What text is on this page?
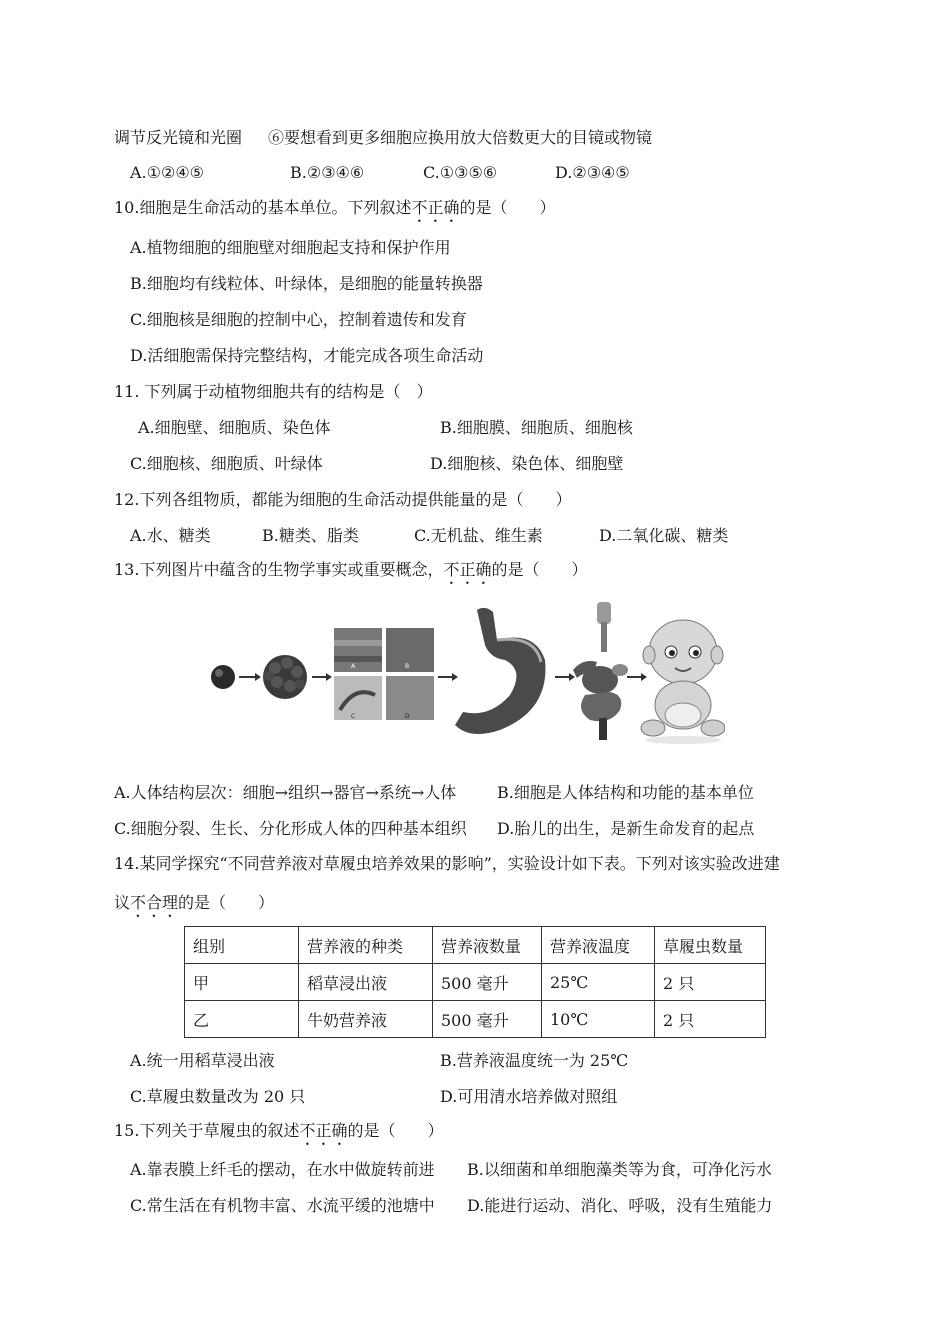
调节反光镜和光圈 ⑥要想看到更多细胞应换用放大倍数更大的目镜或物镜
A.①②④⑤	B.②③④⑥	C.①③⑤⑥	D.②③④⑤
10.细胞是生命活动的基本单位。下列叙述不正确的是（　　）
A.植物细胞的细胞壁对细胞起支持和保护作用
B.细胞均有线粒体、叶绿体，是细胞的能量转换器
C.细胞核是细胞的控制中心，控制着遗传和发育
D.活细胞需保持完整结构，才能完成各项生命活动
11. 下列属于动植物细胞共有的结构是（　）
A.细胞壁、细胞质、染色体	B.细胞膜、细胞质、细胞核
C.细胞核、细胞质、叶绿体	D.细胞核、染色体、细胞壁
12.下列各组物质，都能为细胞的生命活动提供能量的是（　　）
A.水、糖类	B.糖类、脂类	C.无机盐、维生素	D.二氧化碳、糖类
13.下列图片中蕴含的生物学事实或重要概念，不正确的是（　　）
A	B
C	D
A.人体结构层次：细胞→组织→器官→系统→人体	B.细胞是人体结构和功能的基本单位
C.细胞分裂、生长、分化形成人体的四种基本组织 D.胎儿的出生，是新生命发育的起点
14.某同学探究“不同营养液对草履虫培养效果的影响”，实验设计如下表。下列对该实验改进建
议不合理的是（　　）
组别	营养液的种类	营养液数量	营养液温度	草履虫数量
甲	稻草浸出液	500 毫升	25℃	2 只
乙	牛奶营养液	500 毫升	10℃	2 只
A.统一用稻草浸出液	B.营养液温度统一为 25℃
C.草履虫数量改为 20 只	D.可用清水培养做对照组
15.下列关于草履虫的叙述不正确的是（　　）
A.靠表膜上纤毛的摆动，在水中做旋转前进 B.以细菌和单细胞藻类等为食，可净化污水
C.常生活在有机物丰富、水流平缓的池塘中 D.能进行运动、消化、呼吸，没有生殖能力
